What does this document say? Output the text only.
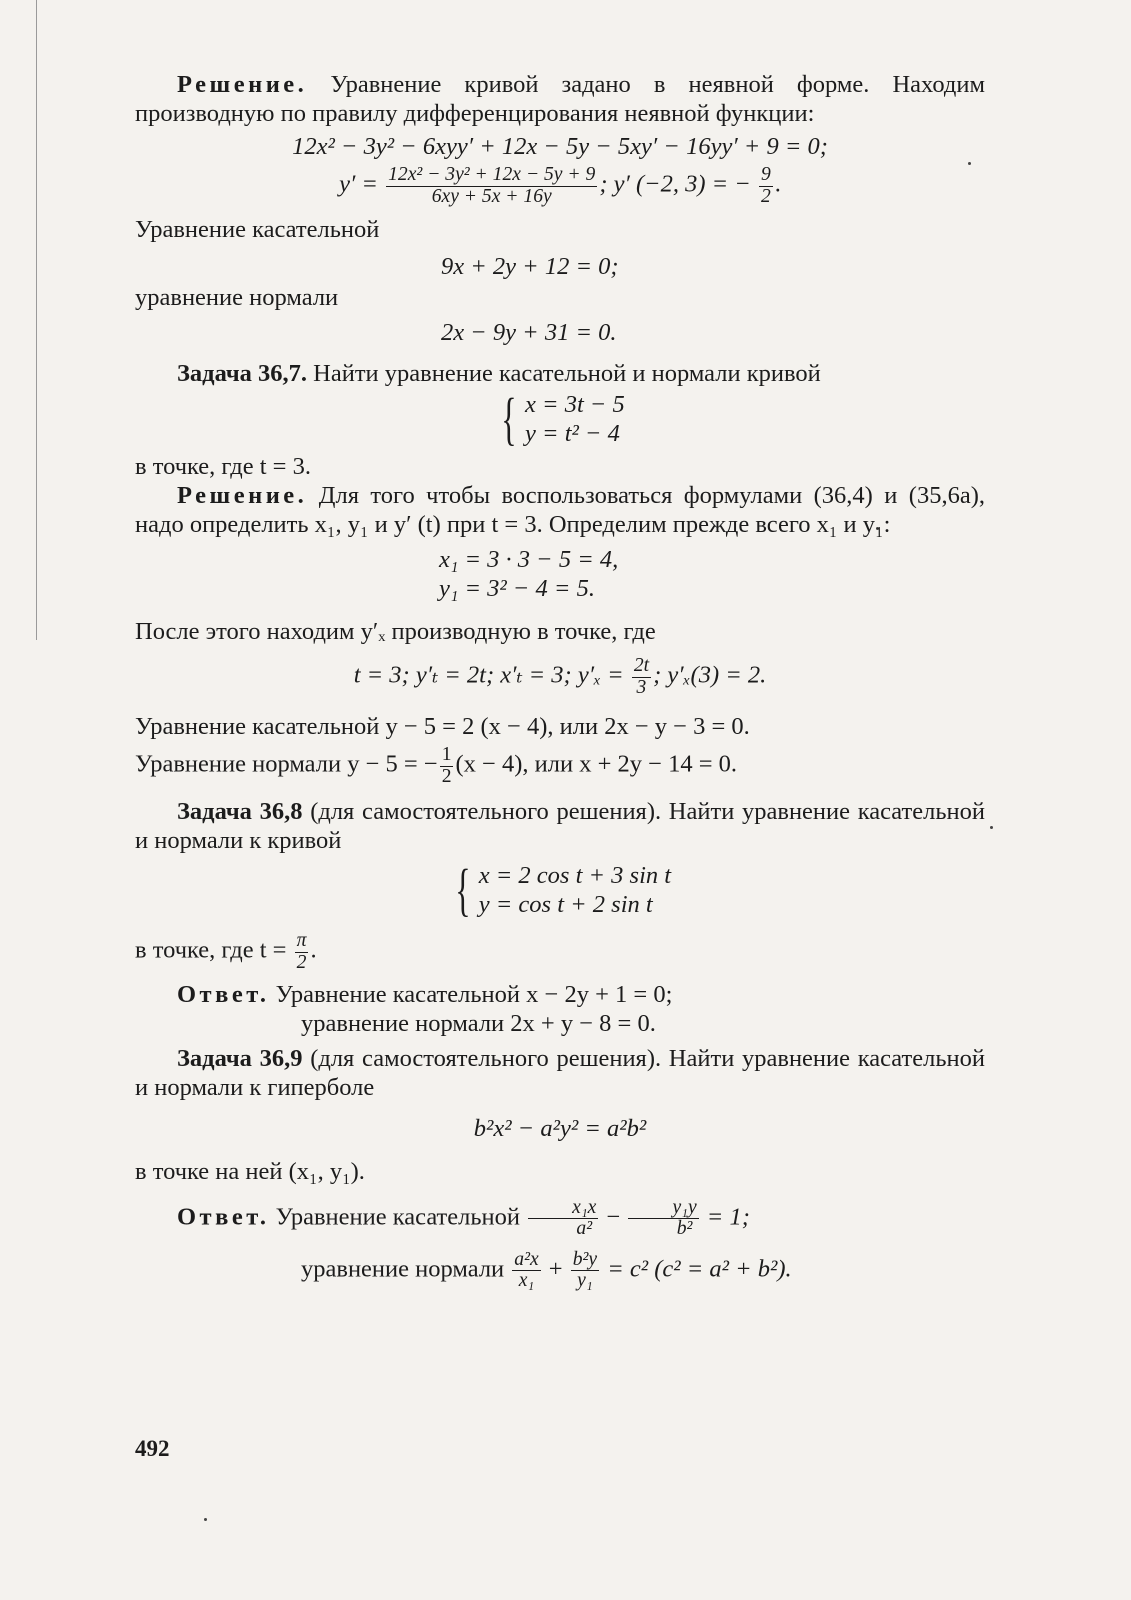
Решение. Уравнение кривой задано в неявной форме. Находим производную по правилу дифференцирования неявной функции:

12x² − 3y² − 6xyy′ + 12x − 5y − 5xy′ − 16yy′ + 9 = 0;
$y' = \frac{\text{12x² − 3y² + 12x − 5y + 9}}{6xy + 5x + 16y}$ ; y′ (−2, 3) = − $\frac{9}{2}$ .

Уравнение касательной

9x + 2y + 12 = 0;

уравнение нормали

2x − 9y + 31 = 0.

Задача 36,7. Найти уравнение касательной и нормали кривой

{ x = 3t − 5
y = t² − 4

в точке, где t = 3.

Решение. Для того чтобы воспользоваться формулами (36,4) и (35,6а), надо определить x₁, y₁ и y′ (t) при t = 3. Определим прежде всего x₁ и y₁:

x₁ = 3 · 3 − 5 = 4,
y₁ = 3² − 4 = 5.

После этого находим y′ₓ производную в точке, где

t = 3; y′ₜ = 2t; x′ₜ = 3; $y'_x = \frac{2t}{3}$ ; y′ₓ(3) = 2.

Уравнение касательной y − 5 = 2 (x − 4), или 2x − y − 3 = 0.

Уравнение нормали y − 5 = − $\frac{1}{2} (x - 4)$, или x + 2y − 14 = 0.

Задача 36,8 (для самостоятельного решения). Найти уравнение касательной и нормали к кривой

{ x = 2 cos t + 3 sin t
y = cos t + 2 sin t

в точке, где $t = \frac{\pi}{2}$ .

Ответ. Уравнение касательной x − 2y + 1 = 0;

уравнение нормали 2x + y − 8 = 0.

Задача 36,9 (для самостоятельного решения). Найти уравнение касательной и нормали к гиперболе

b²x² − a²y² = a²b²

в точке на ней (x₁, y₁).

Ответ. Уравнение касательной $\frac{\text{x₁x}}{\text{a²}} - \frac{\text{y₁y}}{\text{b²}} = 1$;

уравнение нормали $\frac{\text{a²x}}{\text{x₁}} + \frac{\text{b²y}}{\text{y₁}} = c^2$ (c² = a² + b²).

492
